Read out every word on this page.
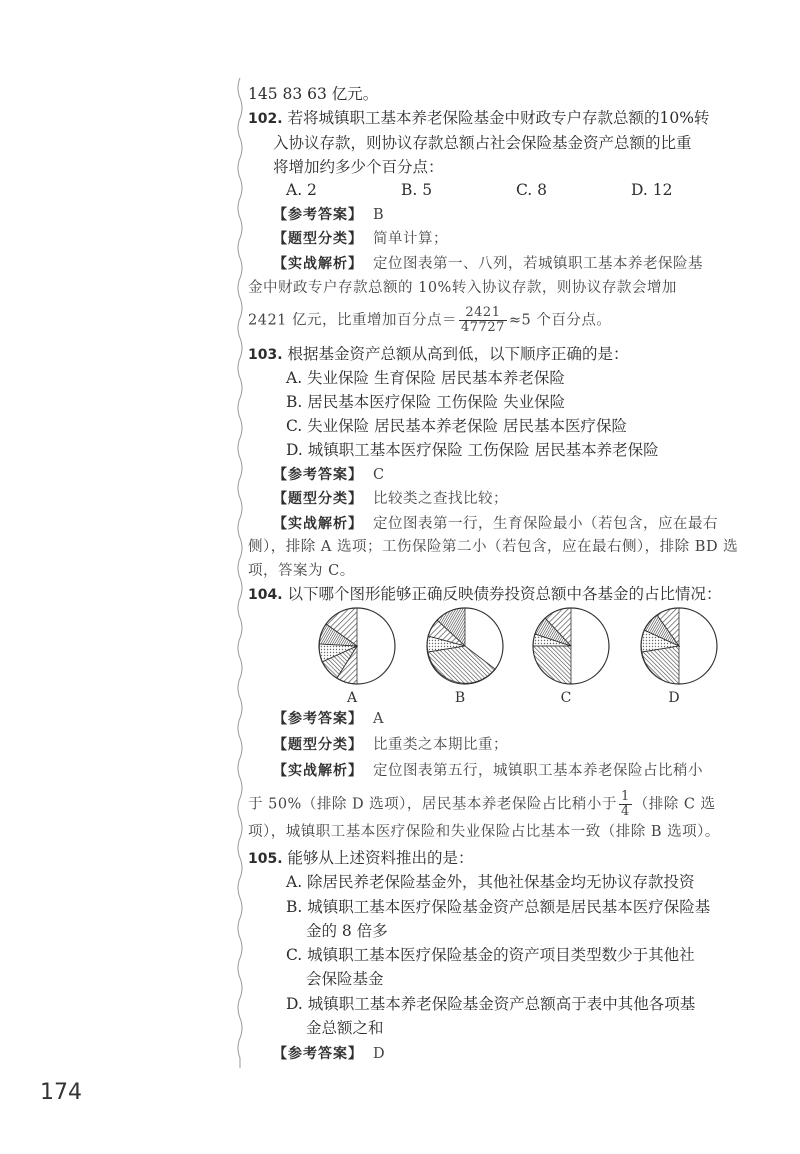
145 83 63 亿元。
102. 若将城镇职工基本养老保险基金中财政专户存款总额的10%转
入协议存款，则协议存款总额占社会保险基金资产总额的比重
将增加约多少个百分点：
A. 2	B. 5	C. 8	D. 12
【参考答案】 B
【题型分类】 简单计算；
【实战解析】 定位图表第一、八列，若城镇职工基本养老保险基
金中财政专户存款总额的 10%转入协议存款，则协议存款会增加
2421 亿元，比重增加百分点＝ $\frac{2421}{47727} \approx 5$ 个百分点。
103. 根据基金资产总额从高到低，以下顺序正确的是：
A. 失业保险 生育保险 居民基本养老保险
B. 居民基本医疗保险 工伤保险 失业保险
C. 失业保险 居民基本养老保险 居民基本医疗保险
D. 城镇职工基本医疗保险 工伤保险 居民基本养老保险
【参考答案】 C
【题型分类】 比较类之查找比较；
【实战解析】 定位图表第一行，生育保险最小（若包含，应在最右
侧），排除 A 选项；工伤保险第二小（若包含，应在最右侧），排除 BD 选
项，答案为 C。
104. 以下哪个图形能够正确反映债券投资总额中各基金的占比情况：
A	B	C	D
【参考答案】 A
【题型分类】 比重类之本期比重；
【实战解析】 定位图表第五行，城镇职工基本养老保险占比稍小
于 50%（排除 D 选项），居民基本养老保险占比稍小于 $\frac{1}{4}$ （排除 C 选
项），城镇职工基本医疗保险和失业保险占比基本一致（排除 B 选项）。
105. 能够从上述资料推出的是：
A. 除居民养老保险基金外，其他社保基金均无协议存款投资
B. 城镇职工基本医疗保险基金资产总额是居民基本医疗保险基
金的 8 倍多
C. 城镇职工基本医疗保险基金的资产项目类型数少于其他社
会保险基金
D. 城镇职工基本养老保险基金资产总额高于表中其他各项基
金总额之和
【参考答案】 D
174
